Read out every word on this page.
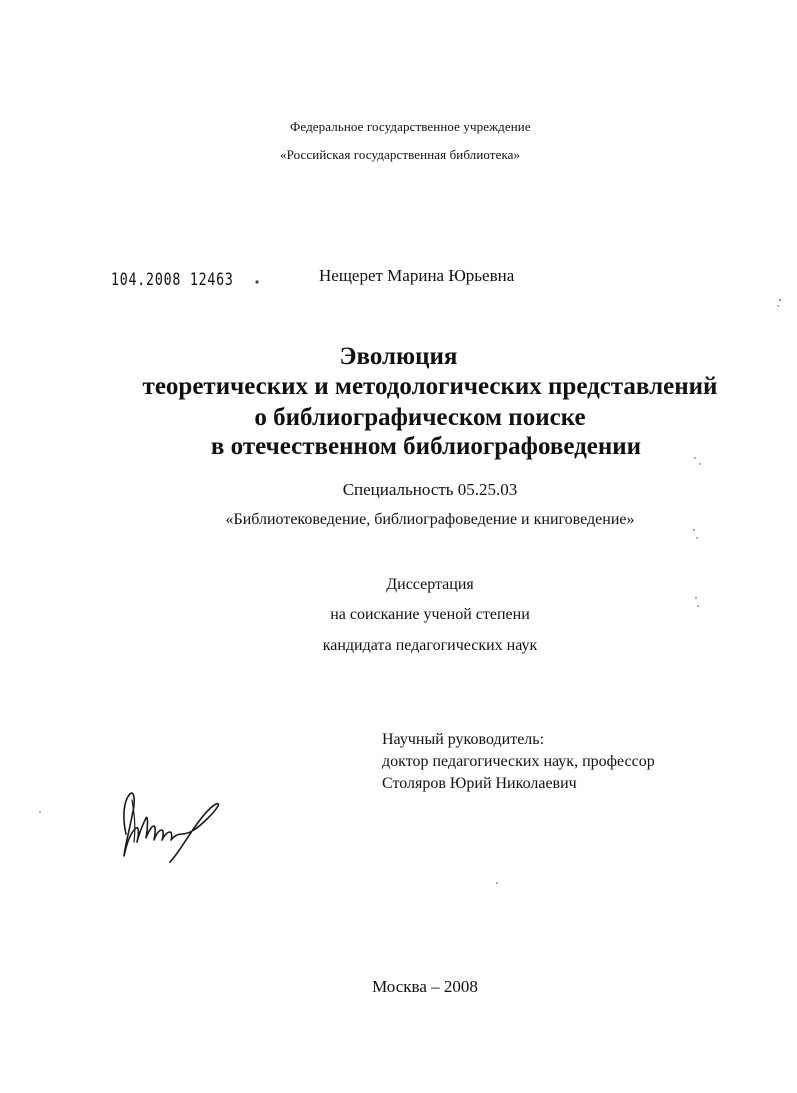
Федеральное государственное учреждение

«Российская государственная библиотека»

104.2008 12463	Нещерет Марина Юрьевна

Эволюция
теоретических и методологических представлений
о библиографическом поиске
в отечественном библиографоведении

Специальность 05.25.03

«Библиотековедение, библиографоведение и книговедение»

Диссертация

на соискание ученой степени

кандидата педагогических наук

Научный руководитель:

доктор педагогических наук, профессор

Столяров Юрий Николаевич

Москва – 2008
